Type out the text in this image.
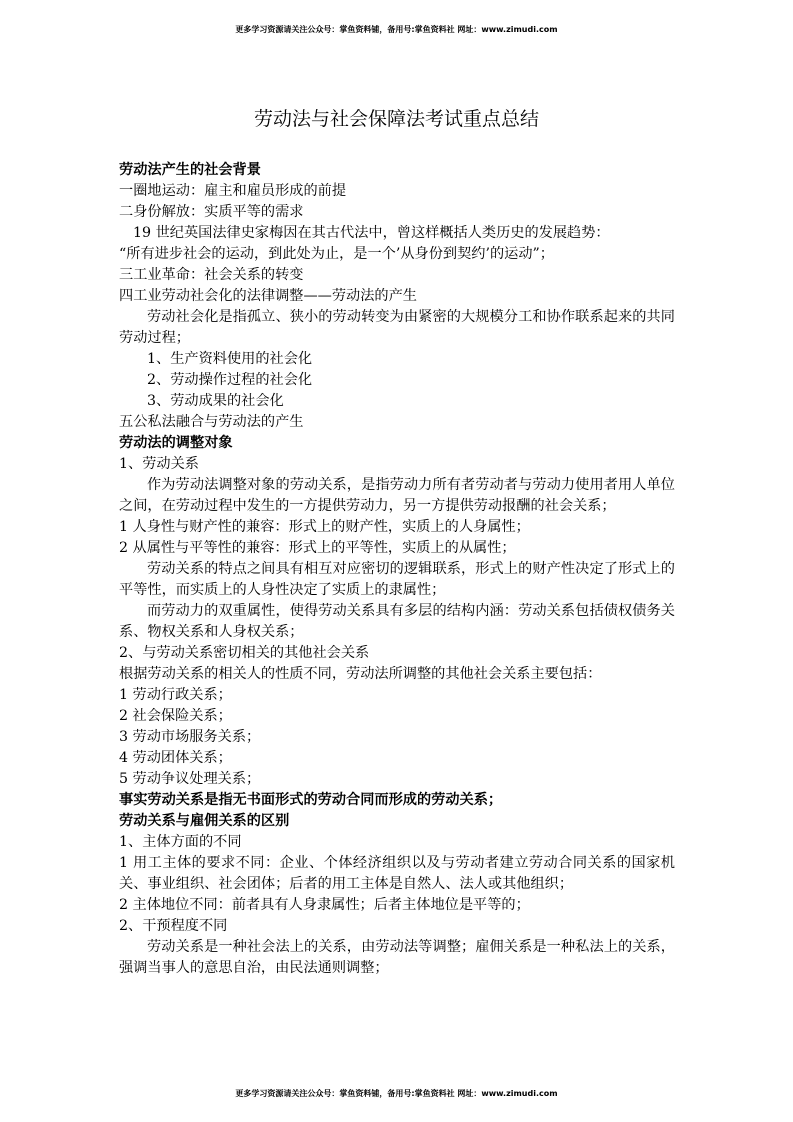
更多学习资源请关注公众号：掌鱼资料铺，备用号:掌鱼资料社 网址：www.zimudi.com
劳动法与社会保障法考试重点总结

劳动法产生的社会背景

一圈地运动：雇主和雇员形成的前提

二身份解放：实质平等的需求

19 世纪英国法律史家梅因在其古代法中，曾这样概括人类历史的发展趋势：

“所有进步社会的运动，到此处为止，是一个’从身份到契约’的运动”；

三工业革命：社会关系的转变

四工业劳动社会化的法律调整——劳动法的产生

劳动社会化是指孤立、狭小的劳动转变为由紧密的大规模分工和协作联系起来的共同劳动过程；

1、生产资料使用的社会化

2、劳动操作过程的社会化

3、劳动成果的社会化

五公私法融合与劳动法的产生

劳动法的调整对象

1、劳动关系

作为劳动法调整对象的劳动关系，是指劳动力所有者劳动者与劳动力使用者用人单位之间，在劳动过程中发生的一方提供劳动力，另一方提供劳动报酬的社会关系；

1 人身性与财产性的兼容：形式上的财产性，实质上的人身属性；

2 从属性与平等性的兼容：形式上的平等性，实质上的从属性；

劳动关系的特点之间具有相互对应密切的逻辑联系，形式上的财产性决定了形式上的平等性，而实质上的人身性决定了实质上的隶属性；

而劳动力的双重属性，使得劳动关系具有多层的结构内涵：劳动关系包括债权债务关系、物权关系和人身权关系；

2、与劳动关系密切相关的其他社会关系

根据劳动关系的相关人的性质不同，劳动法所调整的其他社会关系主要包括：

1 劳动行政关系；

2 社会保险关系；

3 劳动市场服务关系；

4 劳动团体关系；

5 劳动争议处理关系；

事实劳动关系是指无书面形式的劳动合同而形成的劳动关系；

劳动关系与雇佣关系的区别

1、主体方面的不同

1 用工主体的要求不同：企业、个体经济组织以及与劳动者建立劳动合同关系的国家机关、事业组织、社会团体；后者的用工主体是自然人、法人或其他组织；

2 主体地位不同：前者具有人身隶属性；后者主体地位是平等的；

2、干预程度不同

劳动关系是一种社会法上的关系，由劳动法等调整；雇佣关系是一种私法上的关系，强调当事人的意思自治，由民法通则调整；

更多学习资源请关注公众号：掌鱼资料铺，备用号:掌鱼资料社 网址：www.zimudi.com
